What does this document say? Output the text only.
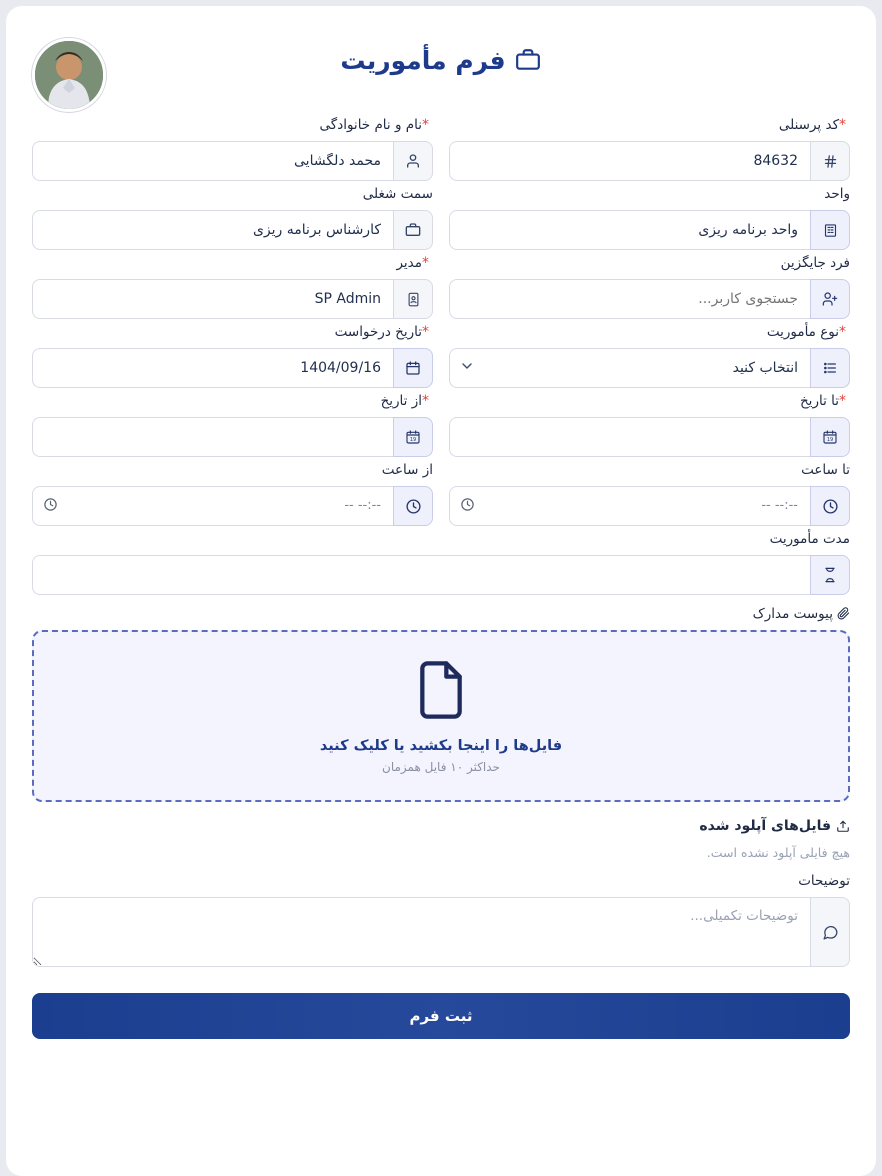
فرم مأموریت
*کد پرسنلی
84632
*نام و نام خانوادگی
محمد دلگشایی
واحد
واحد برنامه ریزی
سمت شغلی
کارشناس برنامه ریزی
فرد جایگزین
جستجوی کاربر...
*مدیر
SP Admin
*نوع مأموریت
انتخاب کنید
*تاریخ درخواست
1404/09/16
*تا تاریخ
19
*از تاریخ
19
تا ساعت
--:-- --
از ساعت
--:-- --
مدت مأموریت
پیوست مدارک
فایل‌ها را اینجا بکشید یا کلیک کنید
حداکثر ۱۰ فایل همزمان
فایل‌های آپلود شده
هیچ فایلی آپلود نشده است.
توضیحات
توضیحات تکمیلی...
ثبت فرم
